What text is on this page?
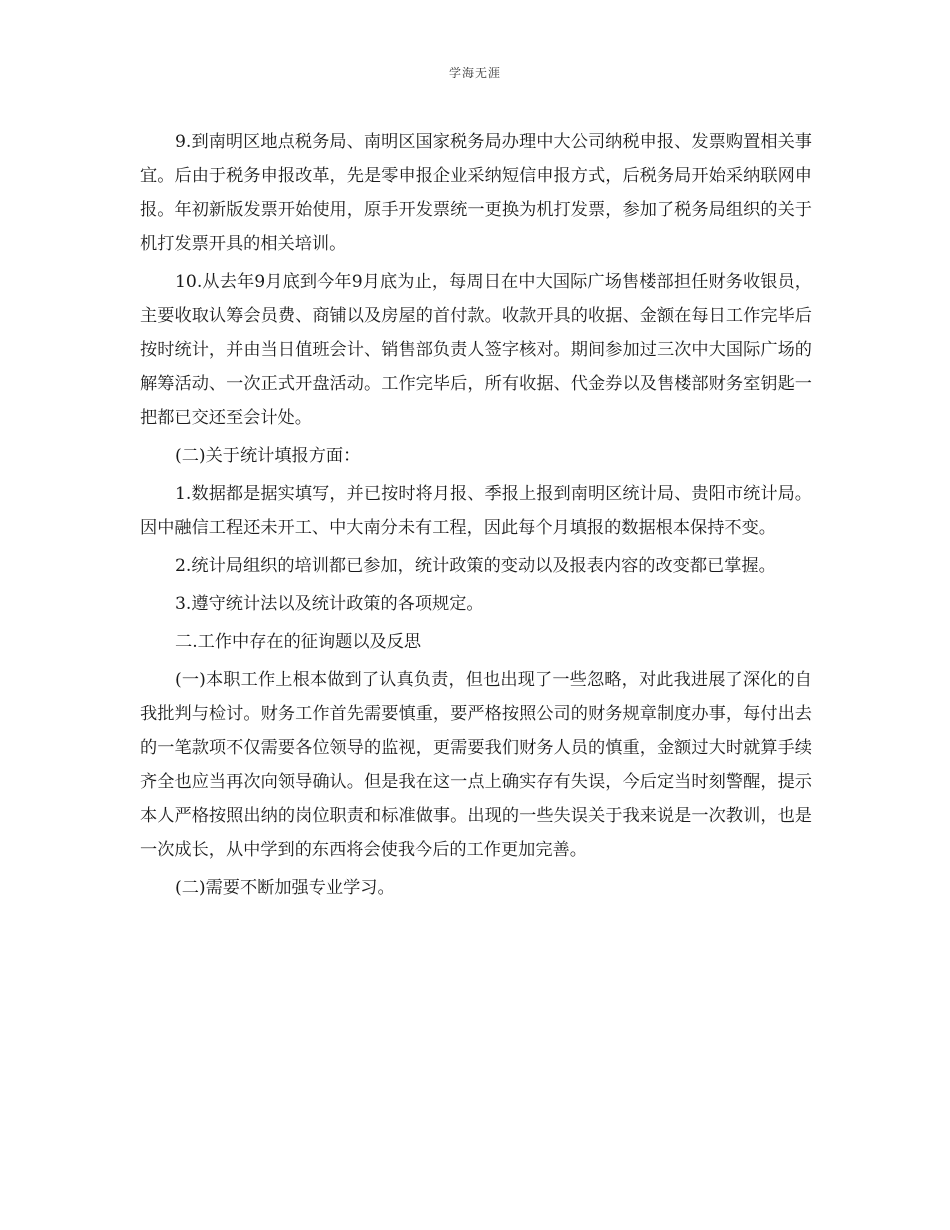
学海无涯

9.到南明区地点税务局、南明区国家税务局办理中大公司纳税申报、发票购置相关事宜。后由于税务申报改革，先是零申报企业采纳短信申报方式，后税务局开始采纳联网申报。年初新版发票开始使用，原手开发票统一更换为机打发票，参加了税务局组织的关于机打发票开具的相关培训。

10.从去年9月底到今年9月底为止，每周日在中大国际广场售楼部担任财务收银员，主要收取认筹会员费、商铺以及房屋的首付款。收款开具的收据、金额在每日工作完毕后按时统计，并由当日值班会计、销售部负责人签字核对。期间参加过三次中大国际广场的解筹活动、一次正式开盘活动。工作完毕后，所有收据、代金券以及售楼部财务室钥匙一把都已交还至会计处。

(二)关于统计填报方面：

1.数据都是据实填写，并已按时将月报、季报上报到南明区统计局、贵阳市统计局。因中融信工程还未开工、中大南分未有工程，因此每个月填报的数据根本保持不变。

2.统计局组织的培训都已参加，统计政策的变动以及报表内容的改变都已掌握。

3.遵守统计法以及统计政策的各项规定。

二.工作中存在的征询题以及反思

(一)本职工作上根本做到了认真负责，但也出现了一些忽略，对此我进展了深化的自我批判与检讨。财务工作首先需要慎重，要严格按照公司的财务规章制度办事，每付出去的一笔款项不仅需要各位领导的监视，更需要我们财务人员的慎重，金额过大时就算手续齐全也应当再次向领导确认。但是我在这一点上确实存有失误，今后定当时刻警醒，提示本人严格按照出纳的岗位职责和标准做事。出现的一些失误关于我来说是一次教训，也是一次成长，从中学到的东西将会使我今后的工作更加完善。

(二)需要不断加强专业学习。
